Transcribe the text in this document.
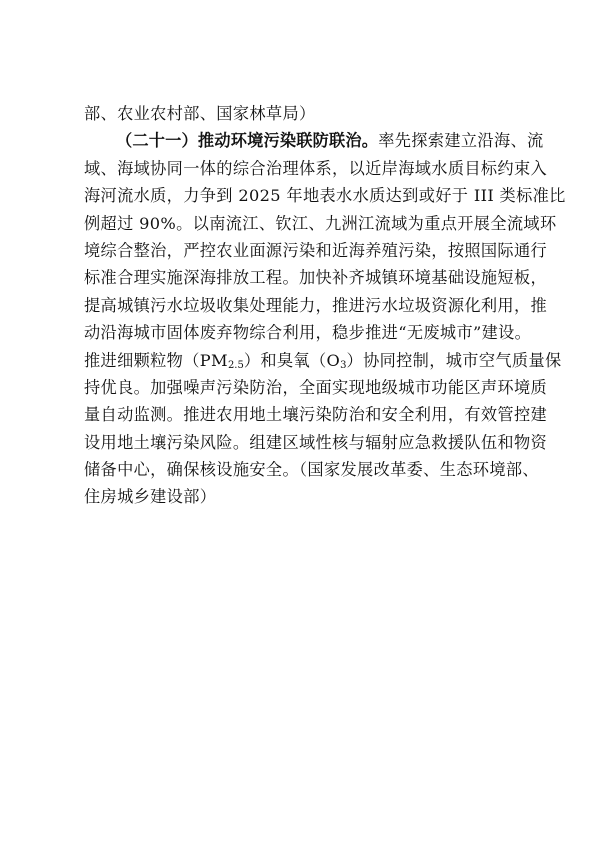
部、农业农村部、国家林草局）
（二十一）推动环境污染联防联治。率先探索建立沿海、流
域、海域协同一体的综合治理体系，以近岸海域水质目标约束入
海河流水质，力争到 2025 年地表水水质达到或好于 III 类标准比
例超过 90%。以南流江、钦江、九洲江流域为重点开展全流域环
境综合整治，严控农业面源污染和近海养殖污染，按照国际通行
标准合理实施深海排放工程。加快补齐城镇环境基础设施短板，
提高城镇污水垃圾收集处理能力，推进污水垃圾资源化利用，推
动沿海城市固体废弃物综合利用，稳步推进“无废城市”建设。
推进细颗粒物$(PM_{2.5})$和臭氧$(O_3)$协同控制，城市空气质量保
持优良。加强噪声污染防治，全面实现地级城市功能区声环境质
量自动监测。推进农用地土壤污染防治和安全利用，有效管控建
设用地土壤污染风险。组建区域性核与辐射应急救援队伍和物资
储备中心，确保核设施安全。（国家发展改革委、生态环境部、
住房城乡建设部）
